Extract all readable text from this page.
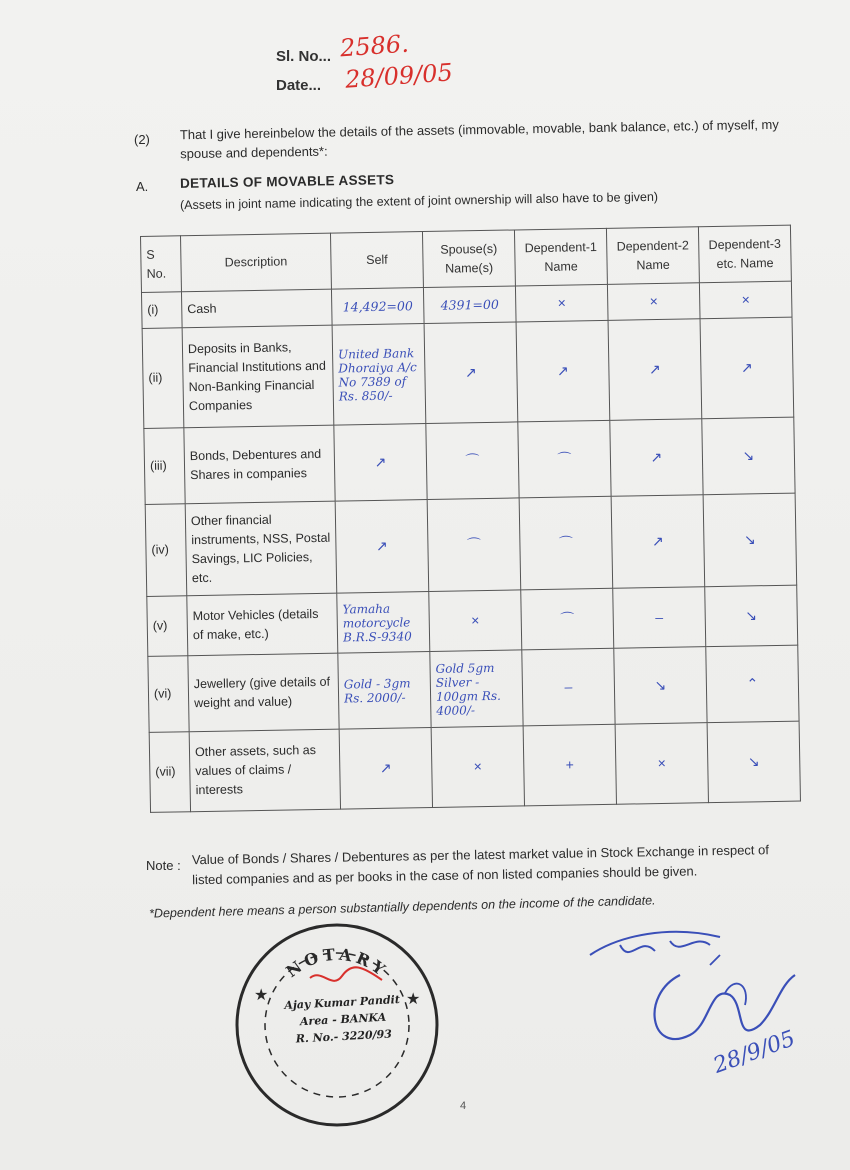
Sl. No... 2586.
Date... 28/09/05
(2) That I give hereinbelow the details of the assets (immovable, movable, bank balance, etc.) of myself, my spouse and dependents*:
A. DETAILS OF MOVABLE ASSETS
(Assets in joint name indicating the extent of joint ownership will also have to be given)
S No.	Description	Self	Spouse(s) Name(s)	Dependent-1 Name	Dependent-2 Name	Dependent-3 etc. Name
(i)	Cash	14,492=00	4391=00	×	×	×
(ii)	Deposits in Banks, Financial Institutions and Non-Banking Financial Companies	United Bank Dhoraiya A/c No 7389 of Rs. 850/-	↗	↗	↗	↗
(iii)	Bonds, Debentures and Shares in companies	↗	⌒	⌒	↗	↘
(iv)	Other financial instruments, NSS, Postal Savings, LIC Policies, etc.	↗	⌒	⌒	↗	↘
(v)	Motor Vehicles (details of make, etc.)	Yamaha motorcycle B.R.S-9340	×	⌒	–	↘
(vi)	Jewellery (give details of weight and value)	Gold - 3gm Rs. 2000/-	Gold 5gm Silver - 100gm Rs. 4000/-	–	↘	⌃
(vii)	Other assets, such as values of claims / interests	↗	×	+	×	↘
Note : Value of Bonds / Shares / Debentures as per the latest market value in Stock Exchange in respect of listed companies and as per books in the case of non listed companies should be given.
*Dependent here means a person substantially dependents on the income of the candidate.
NOTARY
★	★
Ajay Kumar Pandit
Area - BANKA
R. No.- 3220/93	28/9/05
4
